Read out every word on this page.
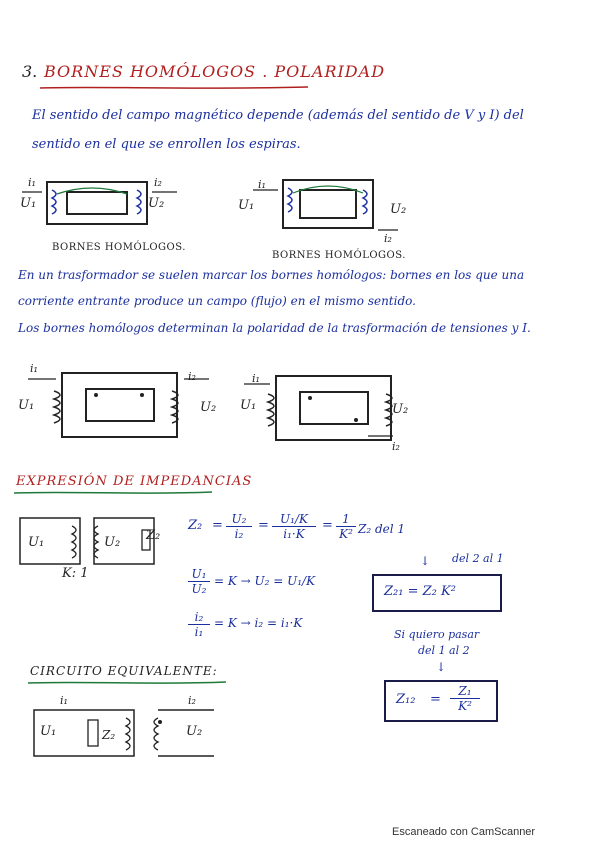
3. BORNES HOMÓLOGOS . POLARIDAD
El sentido del campo magnético depende (además del sentido de V y I) del
sentido en el que se enrollen los espiras.
i₁
U₁
i₂
U₂
BORNES HOMÓLOGOS.
i₁
U₁	U₂
i₂
BORNES HOMÓLOGOS.
En un trasformador se suelen marcar los bornes homólogos: bornes en los que una
corriente entrante produce un campo (flujo) en el mismo sentido.
Los bornes homólogos determinan la polaridad de la trasformación de tensiones y I.
i₁
U₁
i₂
U₂
i₁
U₁	U₂
i₂
EXPRESIÓN DE IMPEDANCIAS
U₁	U₂ Z₂
K: 1
$Z_2 = \frac{\text{U₂}}{\text{i₂}} = \frac{\text{U₁/K}}{\text{i₁·K}} = \frac{1}{\text{K²}} Z_2$ del 1
$\frac{\text{U₁}}{\text{U₂}} = K \to U_2 = U_1/K$
$\frac{\text{i₂}}{\text{i₁}} = K \to i_2 = i_1\cdot K$
del 2 al 1
↓
Z₂₁ = Z₂ K²
Si quiero pasar
del 1 al 2
↓
$Z_{12} = \frac{\text{Z₁}}{\text{K²}}$
CIRCUITO EQUIVALENTE:
i₁
U₁	Z₂
i₂
U₂
Escaneado con CamScanner
